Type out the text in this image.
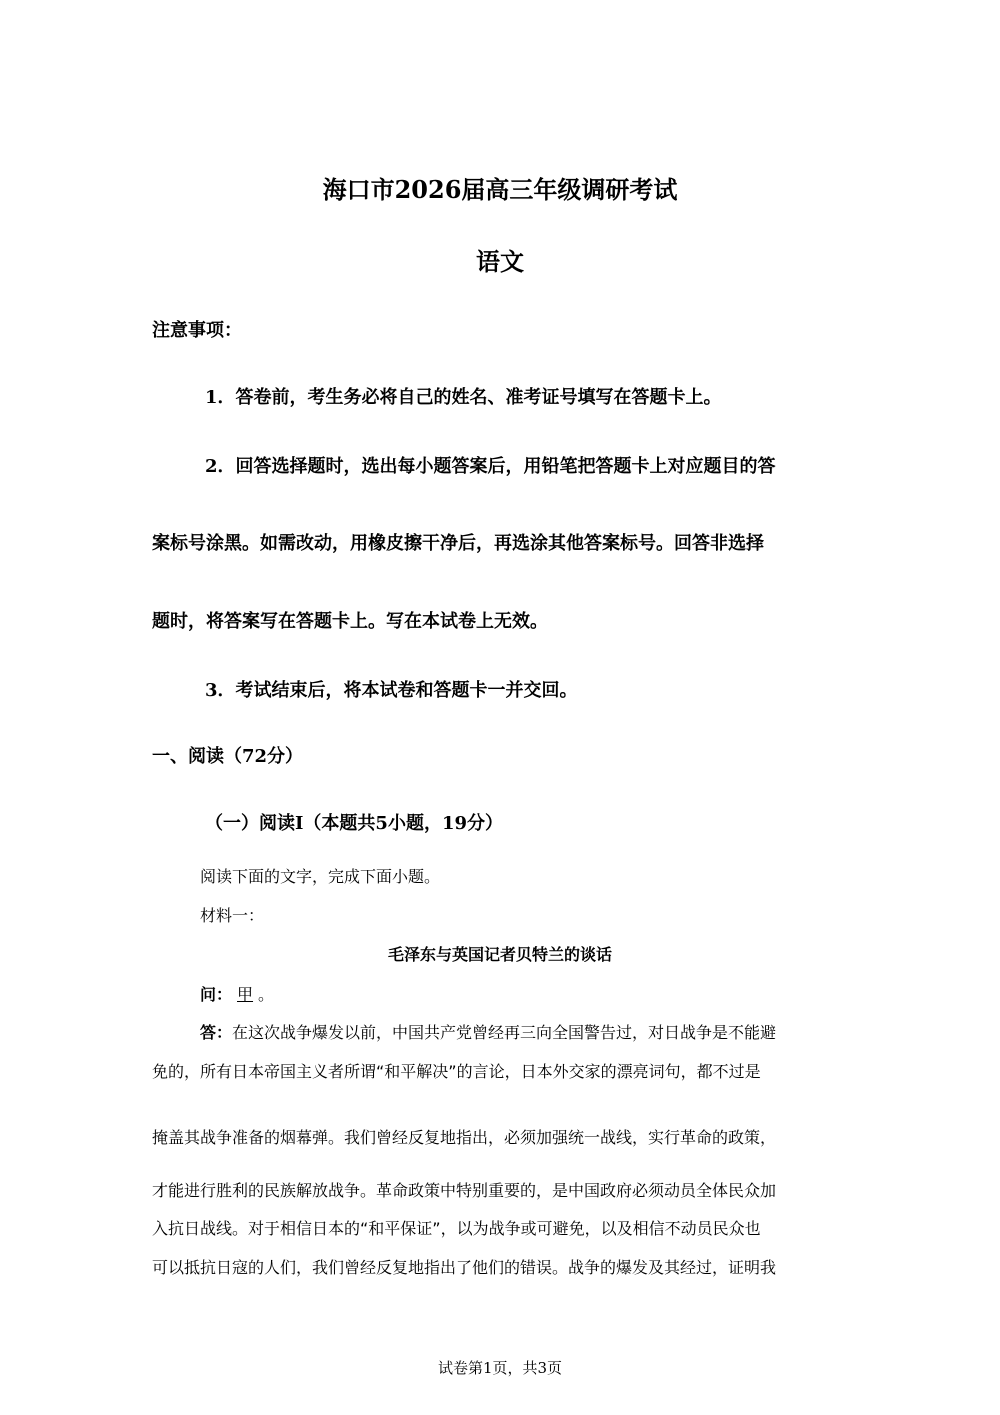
海口市2026届高三年级调研考试
语文
注意事项：
1．答卷前，考生务必将自己的姓名、准考证号填写在答题卡上。
2．回答选择题时，选出每小题答案后，用铅笔把答题卡上对应题目的答
案标号涂黑。如需改动，用橡皮擦干净后，再选涂其他答案标号。回答非选择
题时，将答案写在答题卡上。写在本试卷上无效。
3．考试结束后，将本试卷和答题卡一并交回。
一、阅读（72分）
（一）阅读Ⅰ（本题共5小题，19分）
阅读下面的文字，完成下面小题。
材料一：
毛泽东与英国记者贝特兰的谈话
问： 甲 。
答：在这次战争爆发以前，中国共产党曾经再三向全国警告过，对日战争是不能避
免的，所有日本帝国主义者所谓“和平解决”的言论，日本外交家的漂亮词句，都不过是
掩盖其战争准备的烟幕弹。我们曾经反复地指出，必须加强统一战线，实行革命的政策，
才能进行胜利的民族解放战争。革命政策中特别重要的，是中国政府必须动员全体民众加
入抗日战线。对于相信日本的“和平保证”，以为战争或可避免，以及相信不动员民众也
可以抵抗日寇的人们，我们曾经反复地指出了他们的错误。战争的爆发及其经过，证明我
试卷第1页，共3页
